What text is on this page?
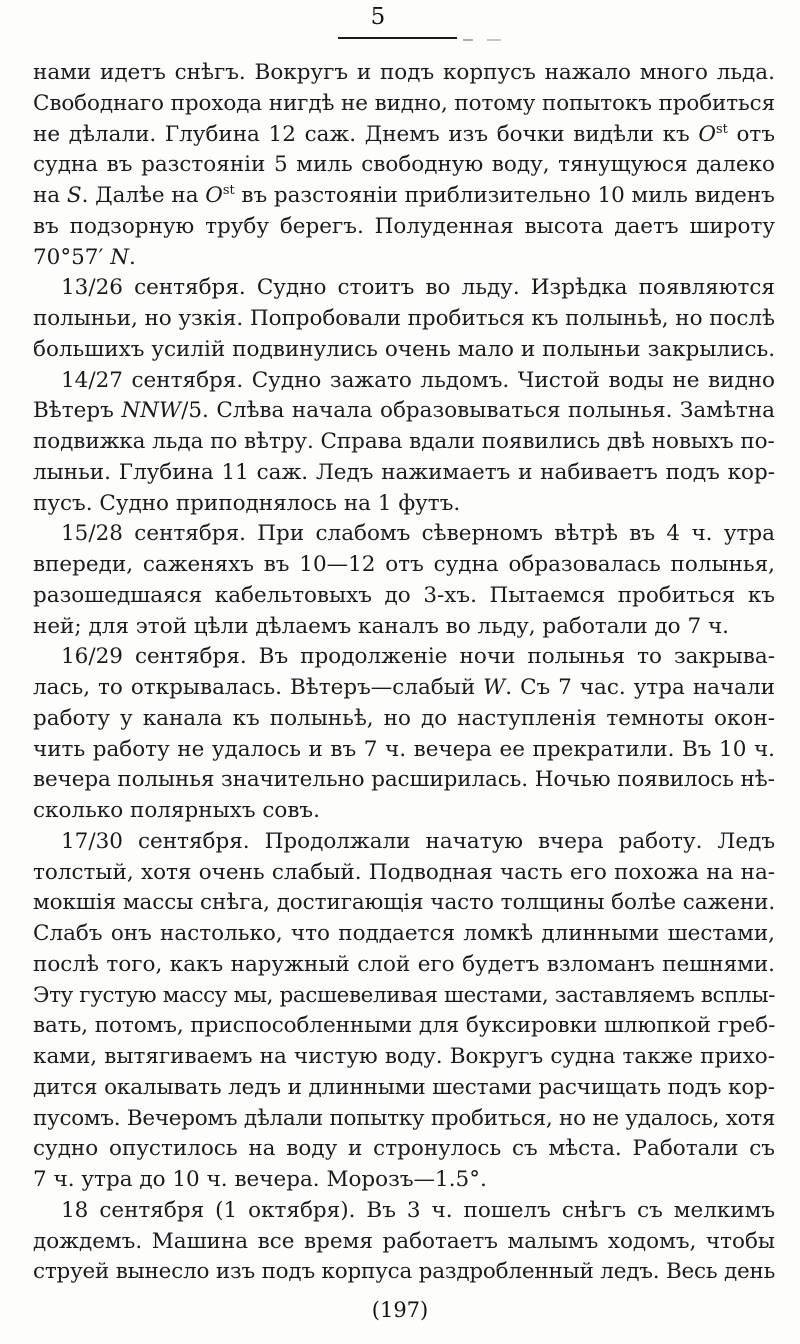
5
нами идетъ снѣгъ. Вокругъ и подъ корпусъ нажало много льда.
Свободнаго прохода нигдѣ не видно, потому попытокъ пробиться
не дѣлали. Глубина 12 саж. Днемъ изъ бочки видѣли къ $O^{st}$ отъ
судна въ разстояніи 5 миль свободную воду, тянущуюся далеко
на S. Далѣе на $O^{st}$ въ разстояніи приблизительно 10 миль виденъ
въ подзорную трубу берегъ. Полуденная высота даетъ широту
70°57′ N.
13/26 сентября. Судно стоитъ во льду. Изрѣдка появляются
полыньи, но узкія. Попробовали пробиться къ полыньѣ, но послѣ
большихъ усилій подвинулись очень мало и полыньи закрылись.
14/27 сентября. Судно зажато льдомъ. Чистой воды не видно
Вѣтеръ NNW/5. Слѣва начала образовываться полынья. Замѣтна
подвижка льда по вѣтру. Справа вдали появились двѣ новыхъ по-
лыньи. Глубина 11 саж. Ледъ нажимаетъ и набиваетъ подъ кор-
пусъ. Судно приподнялось на 1 футъ.
15/28 сентября. При слабомъ сѣверномъ вѣтрѣ въ 4 ч. утра
впереди, саженяхъ въ 10—12 отъ судна образовалась полынья,
разошедшаяся кабельтовыхъ до 3-хъ. Пытаемся пробиться къ
ней; для этой цѣли дѣлаемъ каналъ во льду, работали до 7 ч.
16/29 сентября. Въ продолженіе ночи полынья то закрыва-
лась, то открывалась. Вѣтеръ—слабый W. Съ 7 час. утра начали
работу у канала къ полыньѣ, но до наступленія темноты окон-
чить работу не удалось и въ 7 ч. вечера ее прекратили. Въ 10 ч.
вечера полынья значительно расширилась. Ночью появилось нѣ-
сколько полярныхъ совъ.
17/30 сентября. Продолжали начатую вчера работу. Ледъ
толстый, хотя очень слабый. Подводная часть его похожа на на-
мокшія массы снѣга, достигающія часто толщины болѣе сажени.
Слабъ онъ настолько, что поддается ломкѣ длинными шестами,
послѣ того, какъ наружный слой его будетъ взломанъ пешнями.
Эту густую массу мы, расшевеливая шестами, заставляемъ всплы-
вать, потомъ, приспособленными для буксировки шлюпкой греб-
ками, вытягиваемъ на чистую воду. Вокругъ судна также прихо-
дится окалывать ледъ и длинными шестами расчищать подъ кор-
пусомъ. Вечеромъ дѣлали попытку пробиться, но не удалось, хотя
судно опустилось на воду и стронулось съ мѣста. Работали съ
7 ч. утра до 10 ч. вечера. Морозъ—1.5°.
18 сентября (1 октября). Въ 3 ч. пошелъ снѣгъ съ мелкимъ
дождемъ. Машина все время работаетъ малымъ ходомъ, чтобы
струей вынесло изъ подъ корпуса раздробленный ледъ. Весь день
(197)
